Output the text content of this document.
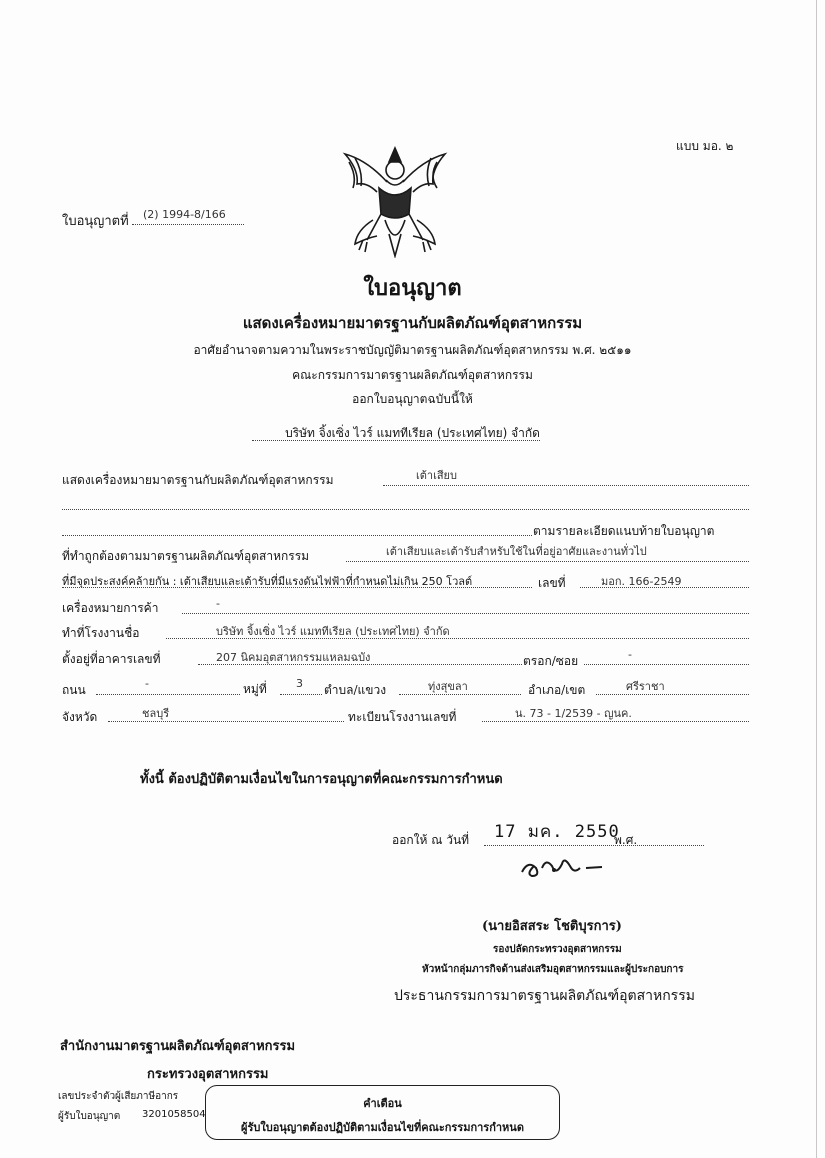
แบบ มอ. ๒
ใบอนุญาตที่ (2) 1994-8/166
ใบอนุญาต
แสดงเครื่องหมายมาตรฐานกับผลิตภัณฑ์อุตสาหกรรม
อาศัยอำนาจตามความในพระราชบัญญัติมาตรฐานผลิตภัณฑ์อุตสาหกรรม พ.ศ. ๒๕๑๑
คณะกรรมการมาตรฐานผลิตภัณฑ์อุตสาหกรรม
ออกใบอนุญาตฉบับนี้ให้
บริษัท จิ้งเซิ่ง ไวร์ แมททีเรียล (ประเทศไทย) จำกัด
แสดงเครื่องหมายมาตรฐานกับผลิตภัณฑ์อุตสาหกรรม	เต้าเสียบ
ตามรายละเอียดแนบท้ายใบอนุญาต
ที่ทำถูกต้องตามมาตรฐานผลิตภัณฑ์อุตสาหกรรม	เต้าเสียบและเต้ารับสำหรับใช้ในที่อยู่อาศัยและงานทั่วไป
ที่มีจุดประสงค์คล้ายกัน : เต้าเสียบและเต้ารับที่มีแรงดันไฟฟ้าที่กำหนดไม่เกิน 250 โวลต์	เลขที่	มอก. 166-2549
เครื่องหมายการค้า	-
ทำที่โรงงานชื่อ	บริษัท จิ้งเซิ่ง ไวร์ แมททีเรียล (ประเทศไทย) จำกัด
ตั้งอยู่ที่อาคารเลขที่	207 นิคมอุตสาหกรรมแหลมฉบัง	ตรอก/ซอย	-
ถนน	-	หมู่ที่	3 ตำบล/แขวง	ทุ่งสุขลา	อำเภอ/เขต	ศรีราชา
จังหวัด	ชลบุรี	ทะเบียนโรงงานเลขที่	น. 73 - 1/2539 - ญนค.
ทั้งนี้ ต้องปฏิบัติตามเงื่อนไขในการอนุญาตที่คณะกรรมการกำหนด
ออกให้ ณ วันที่ 17 มค. 2550
พ.ศ.
(นายอิสสระ โชติบุรการ)
รองปลัดกระทรวงอุตสาหกรรม
หัวหน้ากลุ่มภารกิจด้านส่งเสริมอุตสาหกรรมและผู้ประกอบการ
ประธานกรรมการมาตรฐานผลิตภัณฑ์อุตสาหกรรม
สำนักงานมาตรฐานผลิตภัณฑ์อุตสาหกรรม
กระทรวงอุตสาหกรรม
เลขประจำตัวผู้เสียภาษีอากร
ผู้รับใบอนุญาต 3201058504
คำเตือน
ผู้รับใบอนุญาตต้องปฏิบัติตามเงื่อนไขที่คณะกรรมการกำหนด
